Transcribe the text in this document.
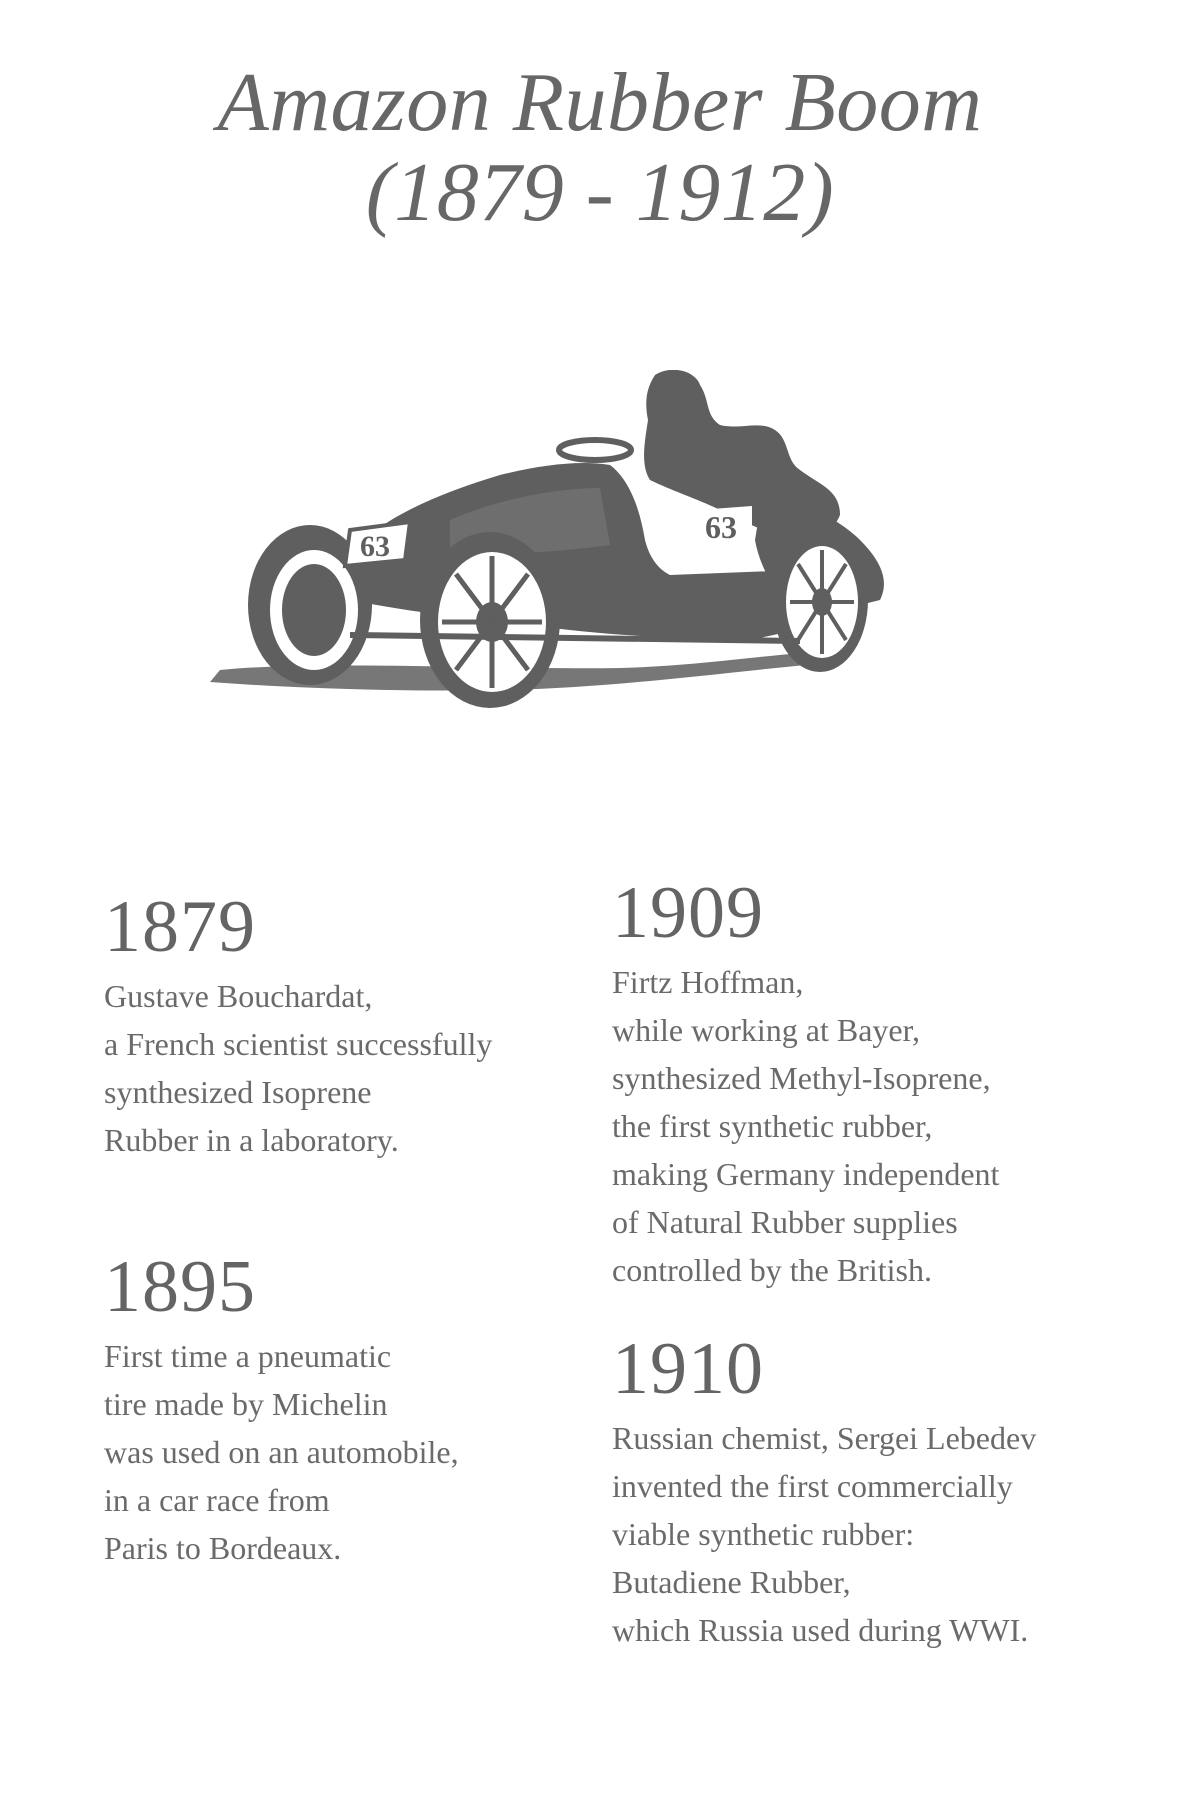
Amazon Rubber Boom
(1879 - 1912)
63
63
1879
Gustave Bouchardat,
a French scientist successfully
synthesized Isoprene
Rubber in a laboratory.
1895
First time a pneumatic
tire made by Michelin
was used on an automobile,
in a car race from
Paris to Bordeaux.
1909
Firtz Hoffman,
while working at Bayer,
synthesized Methyl-Isoprene,
the first synthetic rubber,
making Germany independent
of Natural Rubber supplies
controlled by the British.
1910
Russian chemist, Sergei Lebedev
invented the first commercially
viable synthetic rubber:
Butadiene Rubber,
which Russia used during WWI.
